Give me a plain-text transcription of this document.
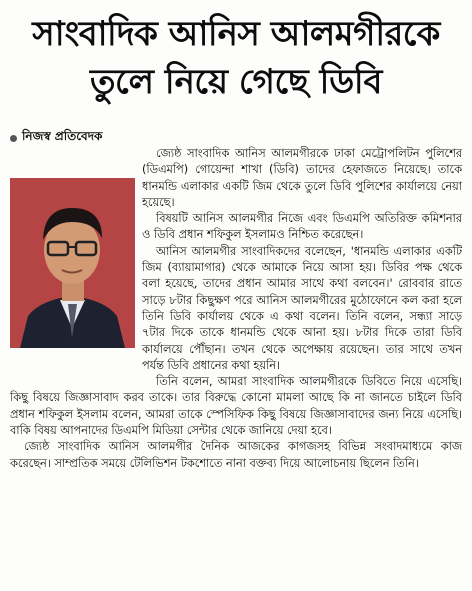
সাংবাদিক আনিস আলমগীরকে
তুলে নিয়ে গেছে ডিবি
নিজস্ব প্রতিবেদক

জ্যেষ্ঠ সাংবাদিক আনিস আলমগীরকে ঢাকা মেট্রোপলিটন পুলিশের (ডিএমপি) গোয়েন্দা শাখা (ডিবি) তাদের হেফাজতে নিয়েছে। তাকে ধানমন্ডি এলাকার একটি জিম থেকে তুলে ডিবি পুলিশের কার্যালয়ে নেয়া হয়েছে।

বিষয়টি আনিস আলমগীর নিজে এবং ডিএমপি অতিরিক্ত কমিশনার ও ডিবি প্রধান শফিকুল ইসলামও নিশ্চিত করেছেন।

আনিস আলমগীর সাংবাদিকদের বলেছেন, 'ধানমন্ডি এলাকার একটি জিম (ব্যায়ামাগার) থেকে আমাকে নিয়ে আসা হয়। ডিবির পক্ষ থেকে বলা হয়েছে, তাদের প্রধান আমার সাথে কথা বলবেন।' রোববার রাতে সাড়ে ৮টার কিছুক্ষণ পরে আনিস আলমগীরের মুঠোফোনে কল করা হলে তিনি ডিবি কার্যালয় থেকে এ কথা বলেন। তিনি বলেন, সন্ধ্যা সাড়ে ৭টার দিকে তাকে ধানমন্ডি থেকে আনা হয়। ৮টার দিকে তারা ডিবি কার্যালয়ে পৌঁছান। তখন থেকে অপেক্ষায় রয়েছেন। তার সাথে তখন পর্যন্ত ডিবি প্রধানের কথা হয়নি।

তিনি বলেন, আমরা সাংবাদিক আলমগীরকে ডিবিতে নিয়ে এসেছি। কিছু বিষয়ে জিজ্ঞাসাবাদ করব তাকে। তার বিরুদ্ধে কোনো মামলা আছে কি না জানতে চাইলে ডিবি প্রধান শফিকুল ইসলাম বলেন, আমরা তাকে স্পেসিফিক কিছু বিষয়ে জিজ্ঞাসাবাদের জন্য নিয়ে এসেছি। বাকি বিষয় আপনাদের ডিএমপি মিডিয়া সেন্টার থেকে জানিয়ে দেয়া হবে।

জ্যেষ্ঠ সাংবাদিক আনিস আলমগীর দৈনিক আজকের কাগজসহ বিভিন্ন সংবাদমাধ্যমে কাজ করেছেন। সাম্প্রতিক সময়ে টেলিভিশন টকশোতে নানা বক্তব্য দিয়ে আলোচনায় ছিলেন তিনি।
